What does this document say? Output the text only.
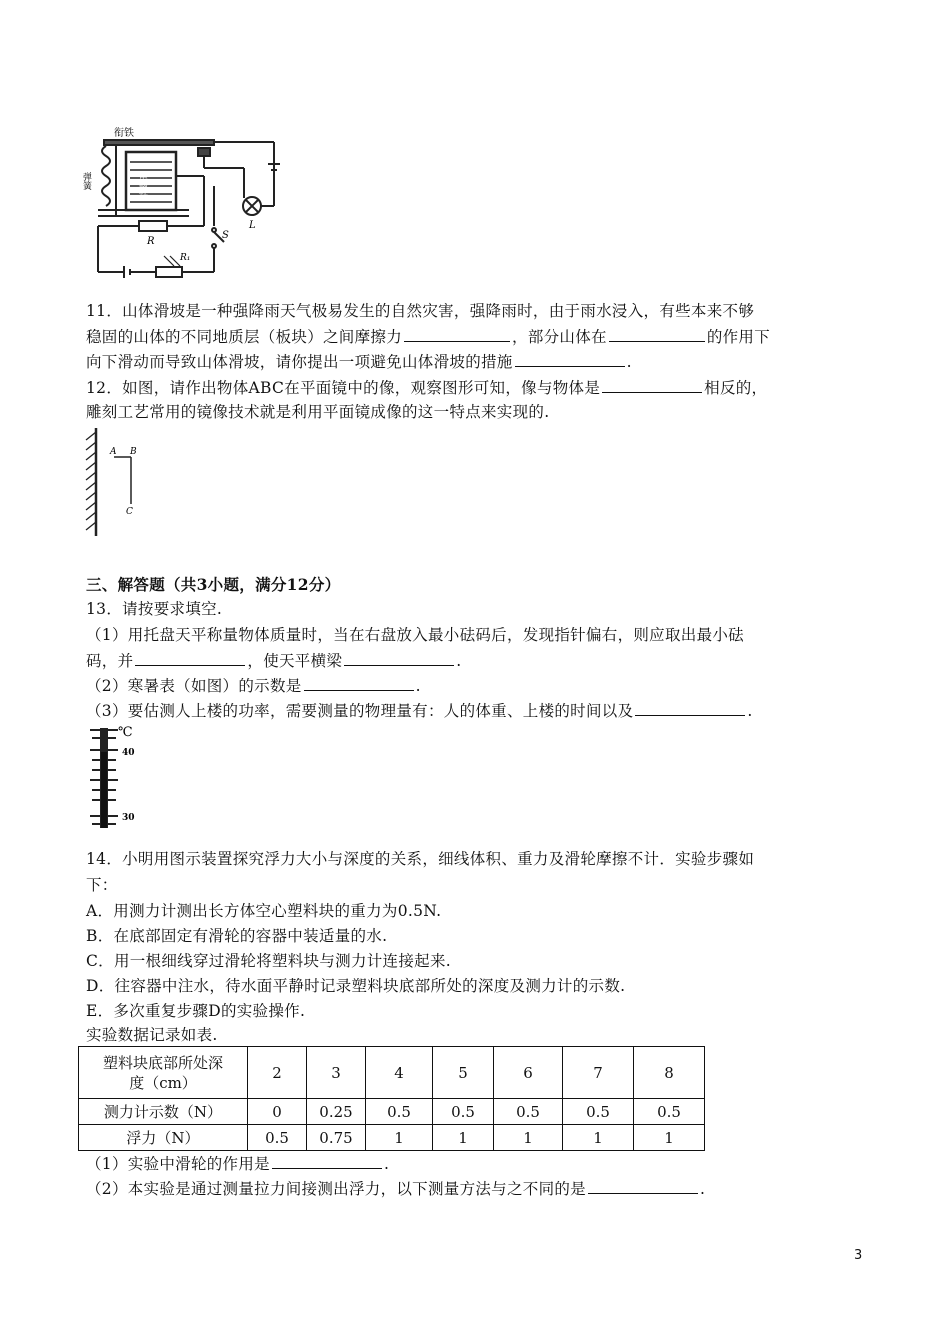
衔铁
弹簧	电磁铁
R
S
R₁
L
11．山体滑坡是一种强降雨天气极易发生的自然灾害，强降雨时，由于雨水浸入，有些本来不够
稳固的山体的不同地质层（板块）之间摩擦力	，部分山体在	的作用下
向下滑动而导致山体滑坡，请你提出一项避免山体滑坡的措施	.
12．如图，请作出物体ABC在平面镜中的像，观察图形可知，像与物体是	相反的，
雕刻工艺常用的镜像技术就是利用平面镜成像的这一特点来实现的.
A B
C
三、解答题（共3小题，满分12分）
13．请按要求填空.
（1）用托盘天平称量物体质量时，当在右盘放入最小砝码后，发现指针偏右，则应取出最小砝
码，并	，使天平横梁	.
（2）寒暑表（如图）的示数是	.
（3）要估测人上楼的功率，需要测量的物理量有：人的体重、上楼的时间以及	.
℃
40
30
14．小明用图示装置探究浮力大小与深度的关系，细线体积、重力及滑轮摩擦不计．实验步骤如
下：
A．用测力计测出长方体空心塑料块的重力为0.5N.
B．在底部固定有滑轮的容器中装适量的水.
C．用一根细线穿过滑轮将塑料块与测力计连接起来.
D．往容器中注水，待水面平静时记录塑料块底部所处的深度及测力计的示数.
E．多次重复步骤D的实验操作.
实验数据记录如表.
塑料块底部所处深
度（cm）	2	3	4	5	6	7	8
测力计示数（N）	0	0.25	0.5	0.5	0.5	0.5	0.5
浮力（N）	0.5	0.75	1	1	1	1	1
（1）实验中滑轮的作用是	.
（2）本实验是通过测量拉力间接测出浮力，以下测量方法与之不同的是	.
3
